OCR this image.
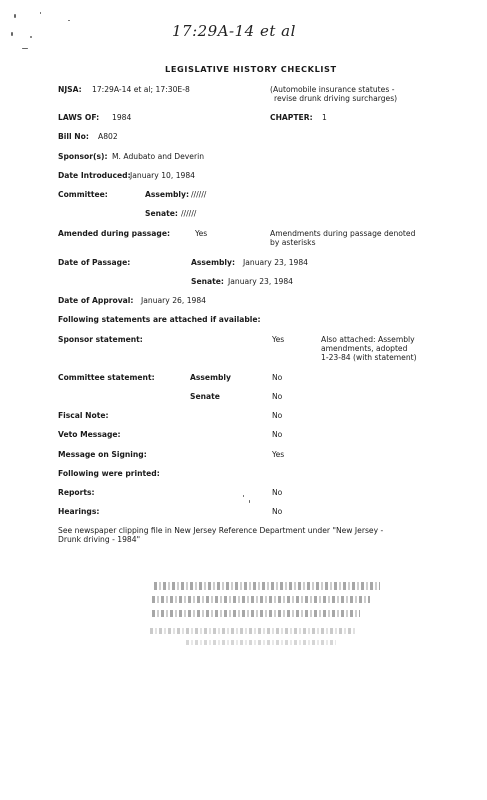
17:29A-14 et al
LEGISLATIVE HISTORY CHECKLIST
NJSA: 17:29A-14 et al; 17:30E-8	(Automobile insurance statutes -
revise drunk driving surcharges)
LAWS OF: 1984	CHAPTER: 1
Bill No: A802
Sponsor(s): M. Adubato and Deverin
Date Introduced: January 10, 1984
Committee:	Assembly: //////
Senate: //////
Amended during passage:	Yes	Amendments during passage denoted
by asterisks
Date of Passage:	Assembly: January 23, 1984
Senate: January 23, 1984
Date of Approval: January 26, 1984
Following statements are attached if available:
Sponsor statement:	Yes	Also attached: Assembly
amendments, adopted
1-23-84 (with statement)
Committee statement:	Assembly	No
Senate	No
Fiscal Note:	No
Veto Message:	No
Message on Signing:	Yes
Following were printed:
Reports:	No
Hearings:	No
See newspaper clipping file in New Jersey Reference Department under "New Jersey -
Drunk driving - 1984"
